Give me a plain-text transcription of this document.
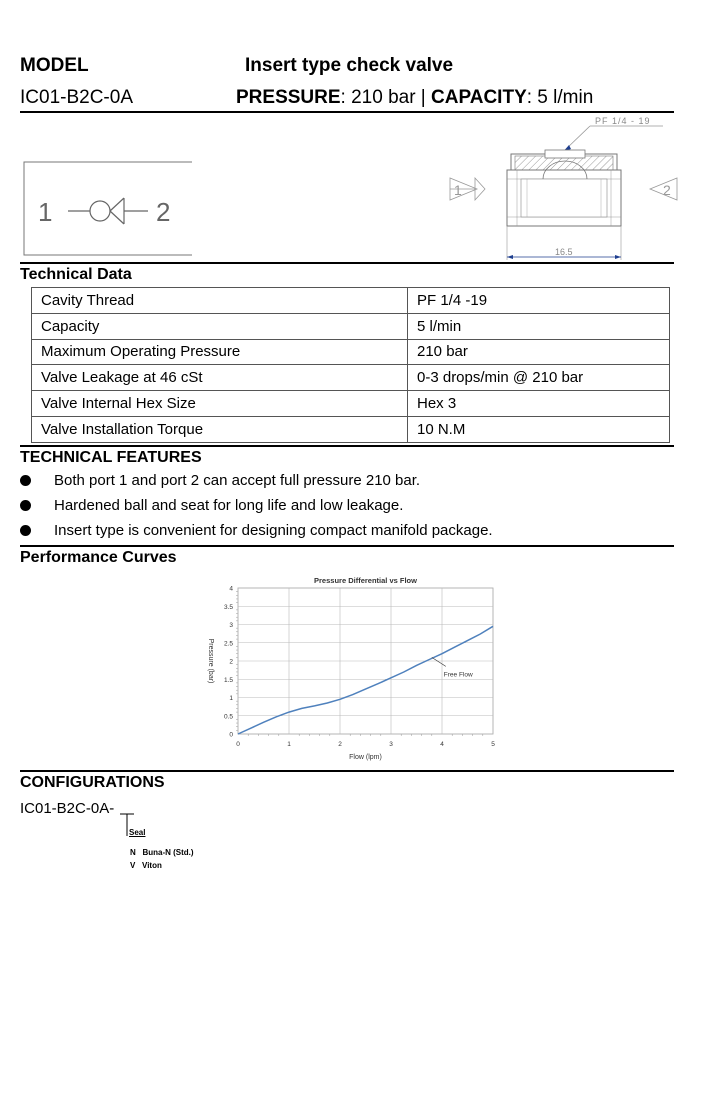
MODEL	Insert type check valve
IC01-B2C-0A	PRESSURE: 210 bar | CAPACITY: 5 l/min
1	2
PF 1/4 - 19
1	2
16.5
Technical Data
Cavity Thread	PF 1/4 -19
Capacity	5 l/min
Maximum Operating Pressure	210 bar
Valve Leakage at 46 cSt	0-3 drops/min @ 210 bar
Valve Internal Hex Size	Hex 3
Valve Installation Torque	10 N.M
TECHNICAL FEATURES
Both port 1 and port 2 can accept full pressure 210 bar.
Hardened ball and seat for long life and low leakage.
Insert type is convenient for designing compact manifold package.
Performance Curves
0
0.5
1
1.5
2
2.5
3
3.5
4
0	1	2	3	4	5
Pressure Differential vs Flow
Flow (lpm)
Pressure (bar)	Free Flow
CONFIGURATIONS
IC01-B2C-0A-
Seal
N Buna-N (Std.)
V Viton
